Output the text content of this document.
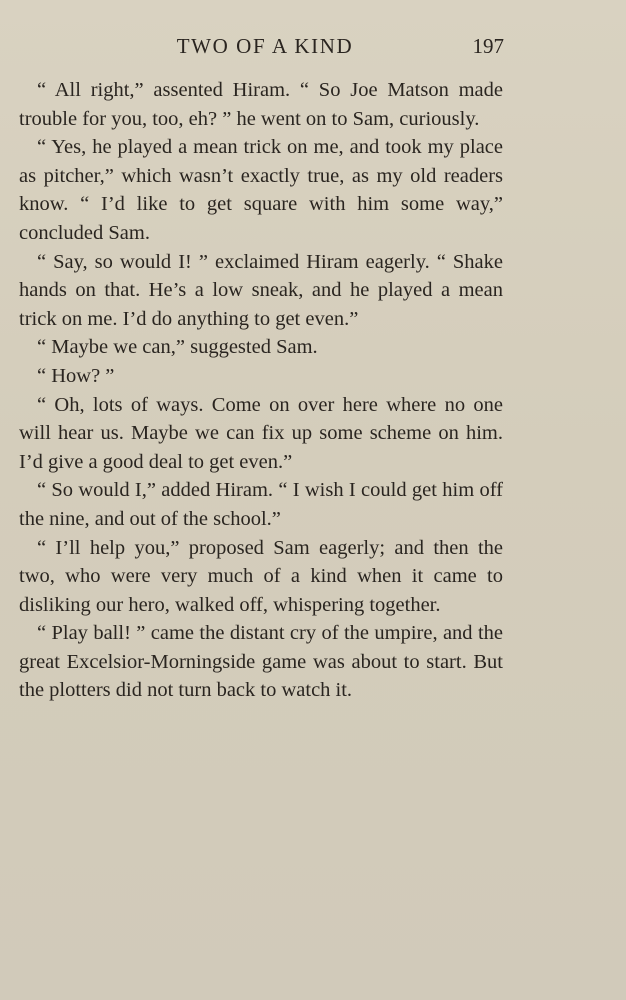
TWO OF A KIND	197

“ All right,” assented Hiram. “ So Joe Matson made trouble for you, too, eh? ” he went on to Sam, curiously.

“ Yes, he played a mean trick on me, and took my place as pitcher,” which wasn’t exactly true, as my old readers know. “ I’d like to get square with him some way,” concluded Sam.

“ Say, so would I! ” exclaimed Hiram eagerly. “ Shake hands on that. He’s a low sneak, and he played a mean trick on me. I’d do anything to get even.”

“ Maybe we can,” suggested Sam.

“ How? ”

“ Oh, lots of ways. Come on over here where no one will hear us. Maybe we can fix up some scheme on him. I’d give a good deal to get even.”

“ So would I,” added Hiram. “ I wish I could get him off the nine, and out of the school.”

“ I’ll help you,” proposed Sam eagerly; and then the two, who were very much of a kind when it came to disliking our hero, walked off, whispering together.

“ Play ball! ” came the distant cry of the umpire, and the great Excelsior-Morningside game was about to start. But the plotters did not turn back to watch it.
